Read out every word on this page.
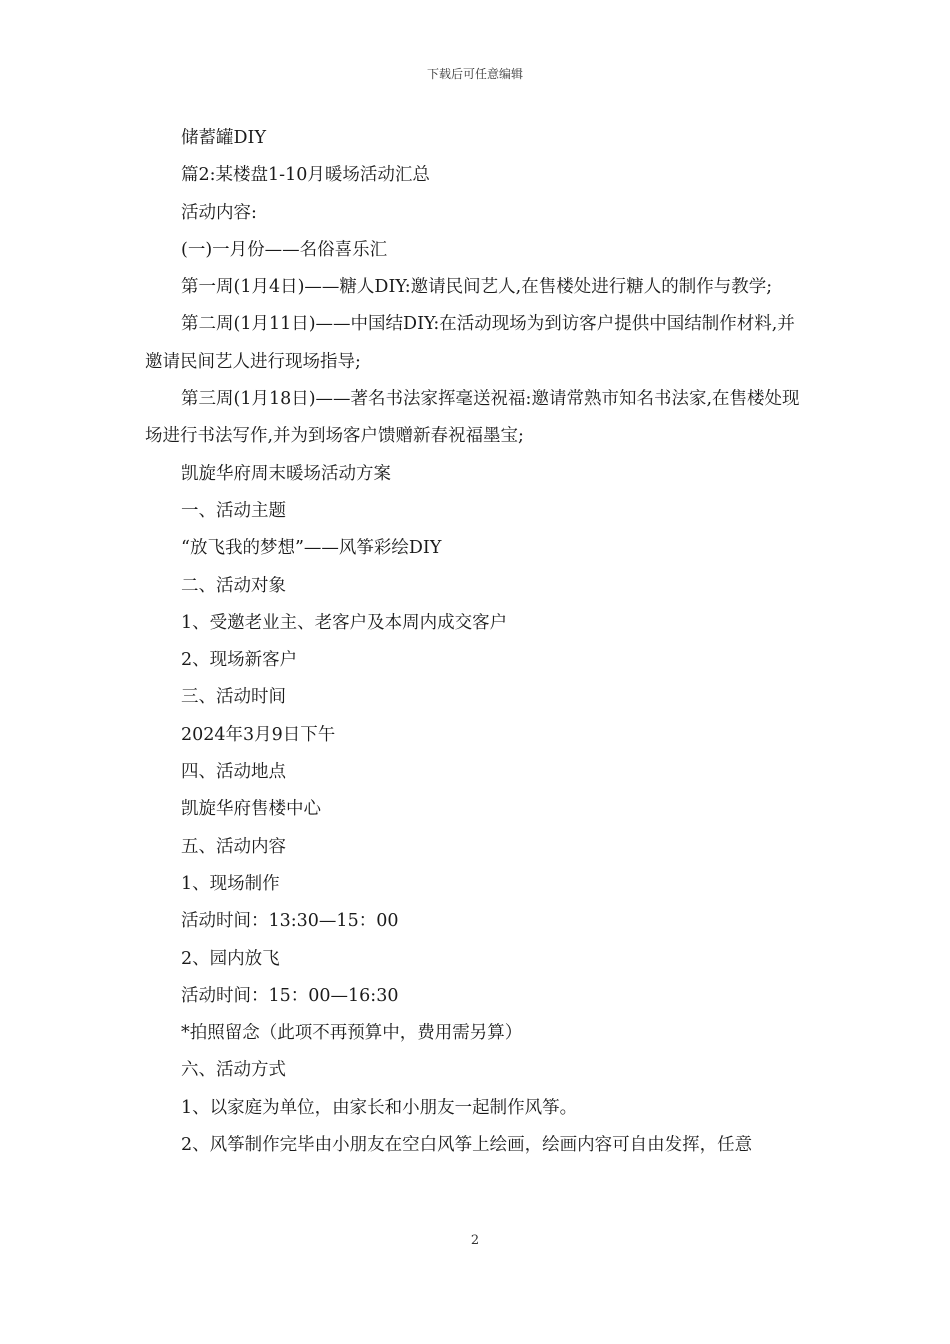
下载后可任意编辑

储蓄罐DIY

篇2:某楼盘1-10月暖场活动汇总

活动内容:

(一)一月份——名俗喜乐汇

第一周(1月4日)——糖人DIY:邀请民间艺人,在售楼处进行糖人的制作与教学;

第二周(1月11日)——中国结DIY:在活动现场为到访客户提供中国结制作材料,并邀请民间艺人进行现场指导;

第三周(1月18日)——著名书法家挥毫送祝福:邀请常熟市知名书法家,在售楼处现场进行书法写作,并为到场客户馈赠新春祝福墨宝;

凯旋华府周末暖场活动方案

一、活动主题

“放飞我的梦想”——风筝彩绘DIY

二、活动对象

1、受邀老业主、老客户及本周内成交客户

2、现场新客户

三、活动时间

2024年3月9日下午

四、活动地点

凯旋华府售楼中心

五、活动内容

1、现场制作

活动时间：13:30—15：00

2、园内放飞

活动时间：15：00—16:30

*拍照留念（此项不再预算中，费用需另算）

六、活动方式

1、以家庭为单位，由家长和小朋友一起制作风筝。

2、风筝制作完毕由小朋友在空白风筝上绘画，绘画内容可自由发挥，任意

2
